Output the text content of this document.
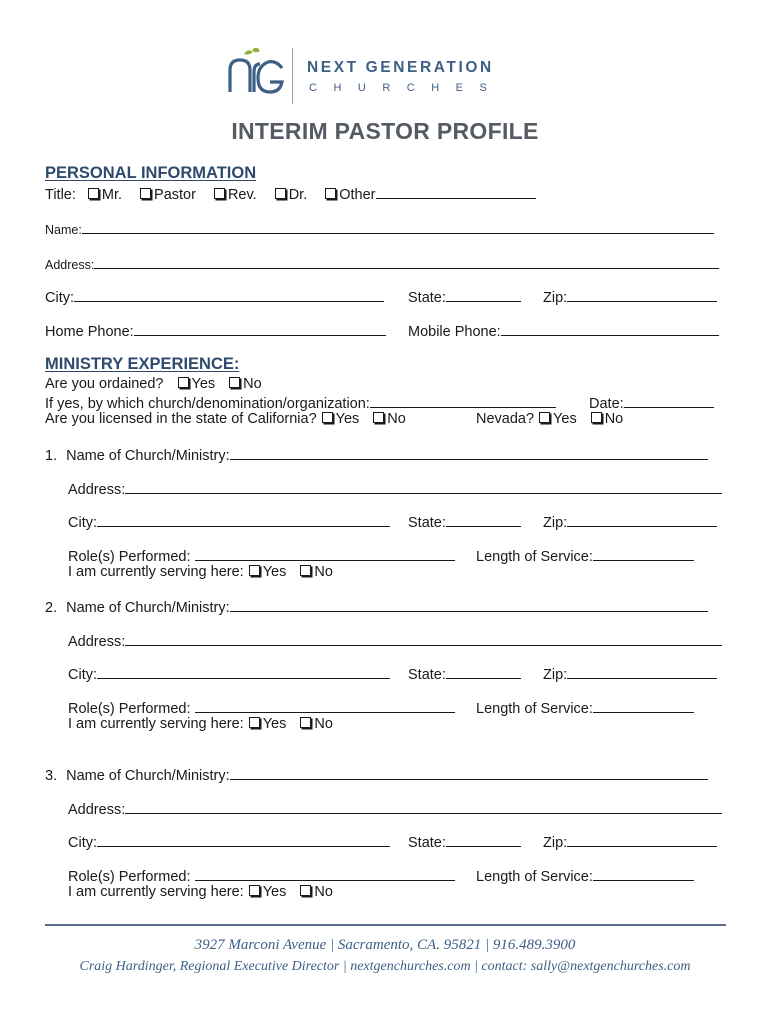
NEXT GENERATION
CHURCHES
INTERIM PASTOR PROFILE
PERSONAL INFORMATION
Title: Mr. Pastor Rev. Dr. Other
Name:
Address:
City:	State:	Zip:
Home Phone:	Mobile Phone:
MINISTRY EXPERIENCE:
Are you ordained? Yes No
If yes, by which church/denomination/organization:	Date:
Are you licensed in the state of California? Yes No	Nevada? Yes No
1. Name of Church/Ministry:
Address:
City:	State:	Zip:
Role(s) Performed:	Length of Service:
I am currently serving here: Yes No
2. Name of Church/Ministry:
Address:
City:	State:	Zip:
Role(s) Performed:	Length of Service:
I am currently serving here: Yes No
3. Name of Church/Ministry:
Address:
City:	State:	Zip:
Role(s) Performed:	Length of Service:
I am currently serving here: Yes No
3927 Marconi Avenue | Sacramento, CA. 95821 | 916.489.3900
Craig Hardinger, Regional Executive Director | nextgenchurches.com | contact: sally@nextgenchurches.com
